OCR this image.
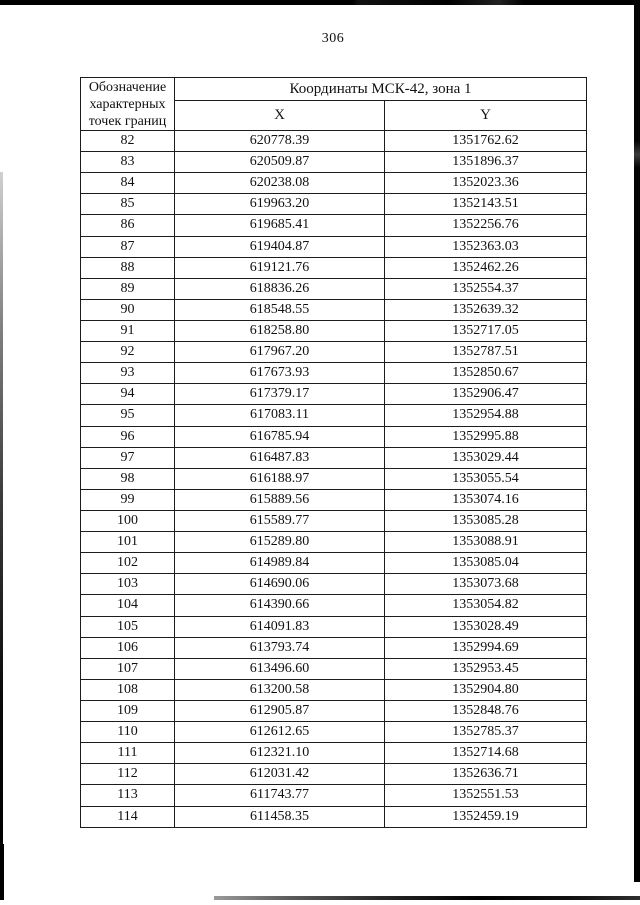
306
Обозначение характерных точек границ	Координаты МСК-42, зона 1	
	X	Y
82	620778.39	1351762.62
83	620509.87	1351896.37
84	620238.08	1352023.36
85	619963.20	1352143.51
86	619685.41	1352256.76
87	619404.87	1352363.03
88	619121.76	1352462.26
89	618836.26	1352554.37
90	618548.55	1352639.32
91	618258.80	1352717.05
92	617967.20	1352787.51
93	617673.93	1352850.67
94	617379.17	1352906.47
95	617083.11	1352954.88
96	616785.94	1352995.88
97	616487.83	1353029.44
98	616188.97	1353055.54
99	615889.56	1353074.16
100	615589.77	1353085.28
101	615289.80	1353088.91
102	614989.84	1353085.04
103	614690.06	1353073.68
104	614390.66	1353054.82
105	614091.83	1353028.49
106	613793.74	1352994.69
107	613496.60	1352953.45
108	613200.58	1352904.80
109	612905.87	1352848.76
110	612612.65	1352785.37
111	612321.10	1352714.68
112	612031.42	1352636.71
113	611743.77	1352551.53
114	611458.35	1352459.19
